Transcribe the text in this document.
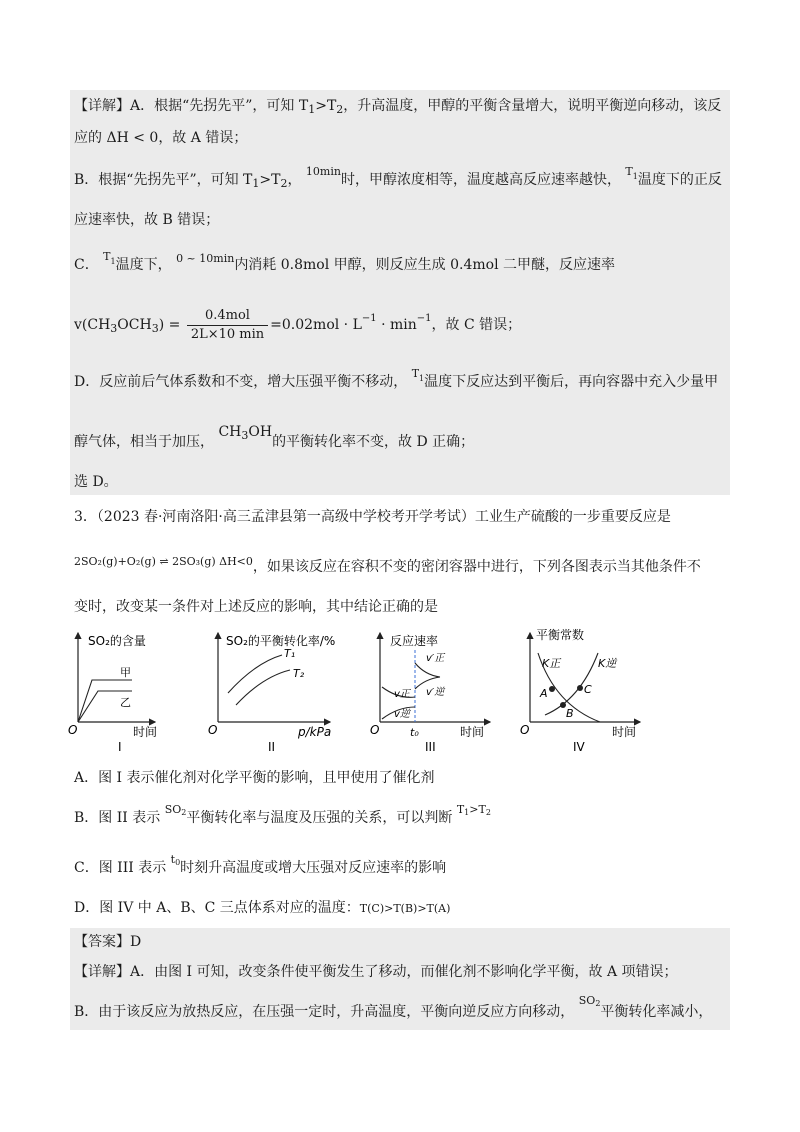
【详解】A．根据“先拐先平”，可知 $T_1>T_2$，升高温度，甲醇的平衡含量增大，说明平衡逆向移动，该反
应的 ΔH < 0，故 A 错误；
B．根据“先拐先平”，可知 $T_1>T_2$， $^{10min}$时，甲醇浓度相等，温度越高反应速率越快， $^{T1}$温度下的正反
应速率快，故 B 错误；
C． $^{T1}$温度下， $^{0 \sim 10min}$内消耗 0.8mol 甲醇，则反应生成 0.4mol 二甲醚，反应速率
$v(CH_3OCH_3) = \frac{\text{0.4mol}}{2L\times 10 \min} =0.02mol \cdot L^{-1} \cdot \min^{-1}$，故 C 错误；
D．反应前后气体系数和不变，增大压强平衡不移动， $^{T1}$温度下反应达到平衡后，再向容器中充入少量甲
醇气体，相当于加压， $CH_3OH$的平衡转化率不变，故 D 正确；
选 D。
3．（2023 春·河南洛阳·高三孟津县第一高级中学校考开学考试）工业生产硫酸的一步重要反应是
$^{2SO_2(g)+O_2(g) \rightleftharpoons 2SO_3(g) \Delta H<0}$，如果该反应在容积不变的密闭容器中进行，下列各图表示当其他条件不
变时，改变某一条件对上述反应的影响，其中结论正确的是
SO₂的含量
甲
乙
O	时间
I
SO₂的平衡转化率/%
T₁
T₂
O	p/kPa
II
反应速率
v′正
v′逆
v正
v逆
O	t₀	时间
III
平衡常数
K正	K逆
A
B
C
O	时间
IV
A．图 I 表示催化剂对化学平衡的影响，且甲使用了催化剂
B．图 II 表示 SO2平衡转化率与温度及压强的关系，可以判断 $^{T1>T2}$
C．图 III 表示 $^{t0}$时刻升高温度或增大压强对反应速率的影响
D．图 IV 中 A、B、C 三点体系对应的温度：T(C)>T(B)>T(A)
【答案】D
【详解】A．由图 I 可知，改变条件使平衡发生了移动，而催化剂不影响化学平衡，故 A 项错误；
B．由于该反应为放热反应，在压强一定时，升高温度，平衡向逆反应方向移动， SO2平衡转化率减小，
